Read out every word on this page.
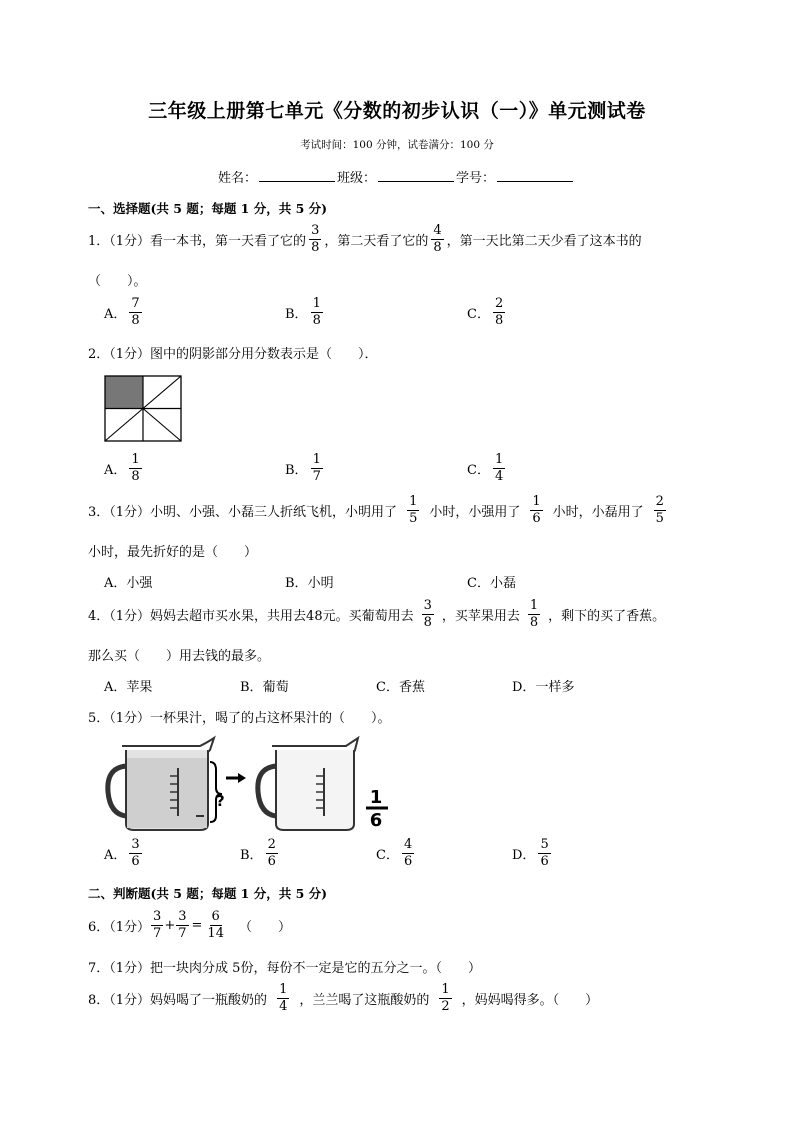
三年级上册第七单元《分数的初步认识（一）》单元测试卷
考试时间：100 分钟，试卷满分：100 分
姓名：	班级：	学号：
一、选择题(共 5 题；每题 1 分，共 5 分)
1．（1分） 看一本书，第一天看了它的 $\frac{3}{8}$ ，第二天看了它的 $\frac{4}{8}$ ，第一天比第二天少看了这本书的
（　　）。
A． $\frac{7}{8}$	B． $\frac{1}{8}$	C． $\frac{2}{8}$
2．（1分）图中的阴影部分用分数表示是（　　）．
A． $\frac{1}{8}$	B． $\frac{1}{7}$	C． $\frac{1}{4}$
3．（1分） 小明、小强、小磊三人折纸飞机，小明用了 $\frac{1}{5}$ 小时，小强用了 $\frac{1}{6}$ 小时，小磊用了 $\frac{2}{5}$
小时，最先折好的是（　　）
A．小强	B．小明	C．小磊
4．（1分） 妈妈去超市买水果，共用去48元。买葡萄用去 $\frac{3}{8}$ ，买苹果用去 $\frac{1}{8}$ ，剩下的买了香蕉。
那么买（　　）用去钱的最多。
A．苹果	B．葡萄	C．香蕉	D．一样多
5．（1分）一杯果汁，喝了的占这杯果汁的（　　）。
?	1
6
A． $\frac{3}{6}$	B． $\frac{2}{6}$	C． $\frac{4}{6}$	D． $\frac{5}{6}$
二、判断题(共 5 题；每题 1 分，共 5 分)
6．（1分） $\frac{3}{7} + \frac{3}{7} = \frac{6}{14}$ （　　）
7．（1分）把一块肉分成 5份，每份不一定是它的五分之一。（　　）
8．（1分） 妈妈喝了一瓶酸奶的 $\frac{1}{4}$ ，兰兰喝了这瓶酸奶的 $\frac{1}{2}$ ，妈妈喝得多。（　　）
